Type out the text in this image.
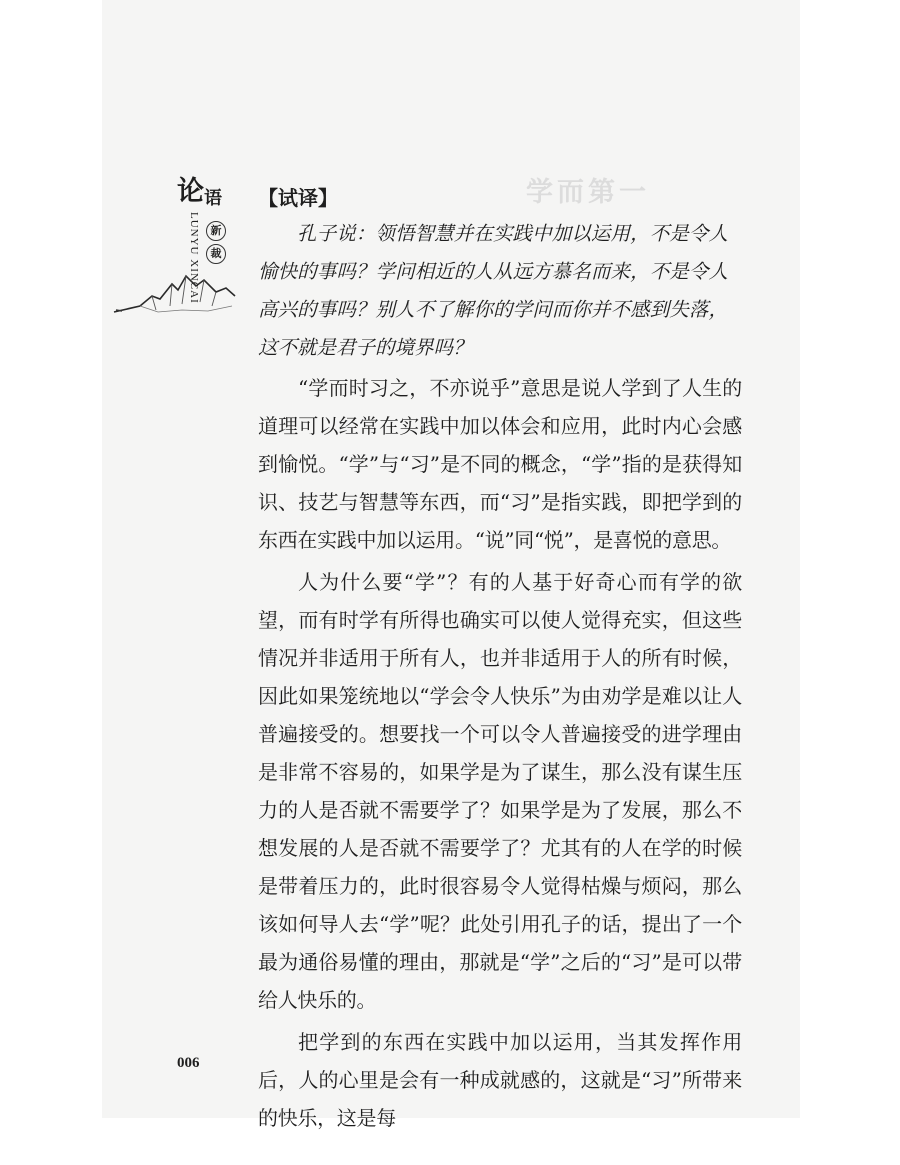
论 语
LUNYU XINCAI 新
裁
学而第一
【试译】

孔子说：领悟智慧并在实践中加以运用，不是令人愉快的事吗？学问相近的人从远方慕名而来，不是令人高兴的事吗？别人不了解你的学问而你并不感到失落，这不就是君子的境界吗？

“学而时习之，不亦说乎”意思是说人学到了人生的道理可以经常在实践中加以体会和应用，此时内心会感到愉悦。“学”与“习”是不同的概念，“学”指的是获得知识、技艺与智慧等东西，而“习”是指实践，即把学到的东西在实践中加以运用。“说”同“悦”，是喜悦的意思。

人为什么要“学”？有的人基于好奇心而有学的欲望，而有时学有所得也确实可以使人觉得充实，但这些情况并非适用于所有人，也并非适用于人的所有时候，因此如果笼统地以“学会令人快乐”为由劝学是难以让人普遍接受的。想要找一个可以令人普遍接受的进学理由是非常不容易的，如果学是为了谋生，那么没有谋生压力的人是否就不需要学了？如果学是为了发展，那么不想发展的人是否就不需要学了？尤其有的人在学的时候是带着压力的，此时很容易令人觉得枯燥与烦闷，那么该如何导人去“学”呢？此处引用孔子的话，提出了一个最为通俗易懂的理由，那就是“学”之后的“习”是可以带给人快乐的。

把学到的东西在实践中加以运用，当其发挥作用后，人的心里是会有一种成就感的，这就是“习”所带来的快乐，这是每

006
